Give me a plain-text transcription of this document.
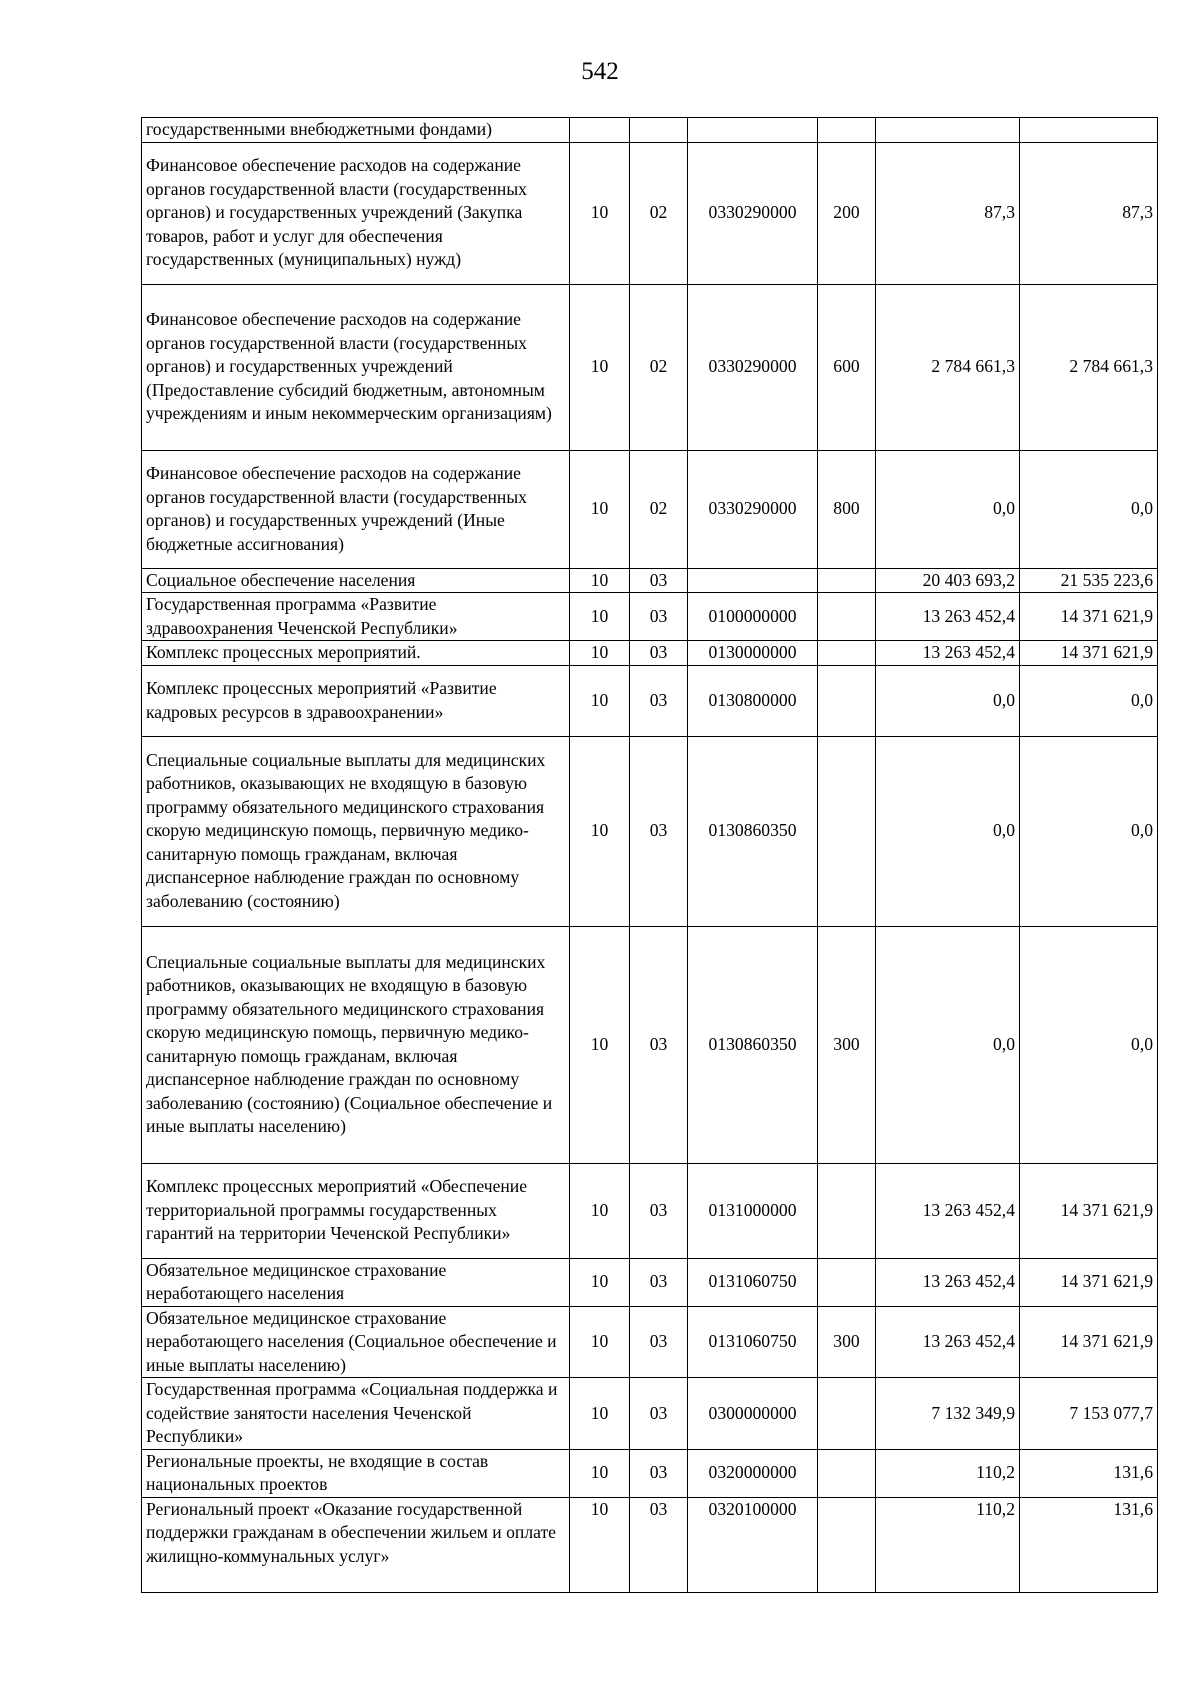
542
государственными внебюджетными фондами)						
Финансовое обеспечение расходов на содержание органов государственной власти (государственных органов) и государственных учреждений (Закупка товаров, работ и услуг для обеспечения государственных (муниципальных) нужд)	10	02	0330290000	200	87,3	87,3
Финансовое обеспечение расходов на содержание органов государственной власти (государственных органов) и государственных учреждений (Предоставление субсидий бюджетным, автономным учреждениям и иным некоммерческим организациям)	10	02	0330290000	600	2 784 661,3	2 784 661,3
Финансовое обеспечение расходов на содержание органов государственной власти (государственных органов) и государственных учреждений (Иные бюджетные ассигнования)	10	02	0330290000	800	0,0	0,0
Социальное обеспечение населения	10	03			20 403 693,2	21 535 223,6
Государственная программа «Развитие здравоохранения Чеченской Республики»	10	03	0100000000		13 263 452,4	14 371 621,9
Комплекс процессных мероприятий.	10	03	0130000000		13 263 452,4	14 371 621,9
Комплекс процессных мероприятий «Развитие кадровых ресурсов в здравоохранении»	10	03	0130800000		0,0	0,0
Специальные социальные выплаты для медицинских работников, оказывающих не входящую в базовую программу обязательного медицинского страхования скорую медицинскую помощь, первичную медико-санитарную помощь гражданам, включая диспансерное наблюдение граждан по основному заболеванию (состоянию)	10	03	0130860350		0,0	0,0
Специальные социальные выплаты для медицинских работников, оказывающих не входящую в базовую программу обязательного медицинского страхования скорую медицинскую помощь, первичную медико-санитарную помощь гражданам, включая диспансерное наблюдение граждан по основному заболеванию (состоянию) (Социальное обеспечение и иные выплаты населению)	10	03	0130860350	300	0,0	0,0
Комплекс процессных мероприятий «Обеспечение территориальной программы государственных гарантий на территории Чеченской Республики»	10	03	0131000000		13 263 452,4	14 371 621,9
Обязательное медицинское страхование неработающего населения	10	03	0131060750		13 263 452,4	14 371 621,9
Обязательное медицинское страхование неработающего населения (Социальное обеспечение и иные выплаты населению)	10	03	0131060750	300	13 263 452,4	14 371 621,9
Государственная программа «Социальная поддержка и содействие занятости населения Чеченской Республики»	10	03	0300000000		7 132 349,9	7 153 077,7
Региональные проекты, не входящие в состав национальных проектов	10	03	0320000000		110,2	131,6
Региональный проект «Оказание государственной поддержки гражданам в обеспечении жильем и оплате жилищно-коммунальных услуг»	10	03	0320100000		110,2	131,6
